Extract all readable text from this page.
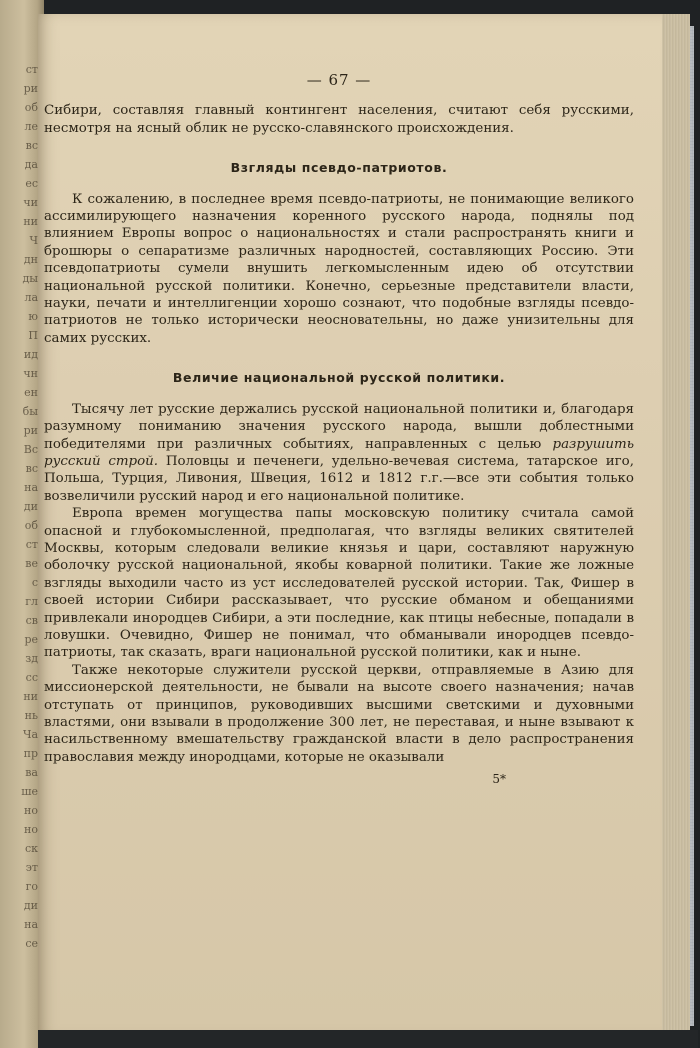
ст
ри
об
ле
вс
да
ес
чи
ни
Ч
дн
ды
ла
ю
П
ид
чн
ен
бы
ри
Вс
вс
на
ди
об
ст
ве
с
гл
св
ре
зд
сс
ни
нь
Ча
пр
ва
ше
но
но
ск
эт
го
ди
на
се
— 67 —

Сибири, составляя главный контингент населения, считают себя русскими, несмотря на ясный облик не русско-славянского происхождения.

Взгляды псевдо-патриотов.

К сожалению, в последнее время псевдо-патриоты, не понимающие великого ассимилирующего назначения коренного русского народа, поднялы под влиянием Европы вопрос о национальностях и стали распространять книги и брошюры о сепаратизме различных народностей, составляющих Россию. Эти псевдопатриоты сумели внушить легкомысленным идею об отсутствии национальной русской политики. Конечно, серьезные представители власти, науки, печати и интеллигенции хорошо сознают, что подобные взгляды псевдо-патриотов не только исторически неосновательны, но даже унизительны для самих русских.

Величие национальной русской политики.

Тысячу лет русские держались русской национальной политики и, благодаря разумному пониманию значения русского народа, вышли доблестными победителями при различных событиях, направленных с целью разрушить русский строй. Половцы и печенеги, удельно-вечевая система, татарское иго, Польша, Турция, Ливония, Швеция, 1612 и 1812 г.г.—все эти события только возвеличили русский народ и его национальной политике.

Европа времен могущества папы московскую политику считала самой опасной и глубокомысленной, предполагая, что взгляды великих святителей Москвы, которым следовали великие князья и цари, составляют наружную оболочку русской национальной, якобы коварной политики. Такие же ложные взгляды выходили часто из уст исследователей русской истории. Так, Фишер в своей истории Сибири рассказывает, что русские обманом и обещаниями привлекали инородцев Сибири, а эти последние, как птицы небесные, попадали в ловушки. Очевидно, Фишер не понимал, что обманывали инородцев псевдо-патриоты, так сказать, враги национальной русской политики, как и ныне.

Также некоторые служители русской церкви, отправляемые в Азию для миссионерской деятельности, не бывали на высоте своего назначения; начав отступать от принципов, руководивших высшими светскими и духовными властями, они взывали в продолжение 300 лет, не переставая, и ныне взывают к насильственному вмешательству гражданской власти в дело распространения православия между инородцами, которые не оказывали

5*
